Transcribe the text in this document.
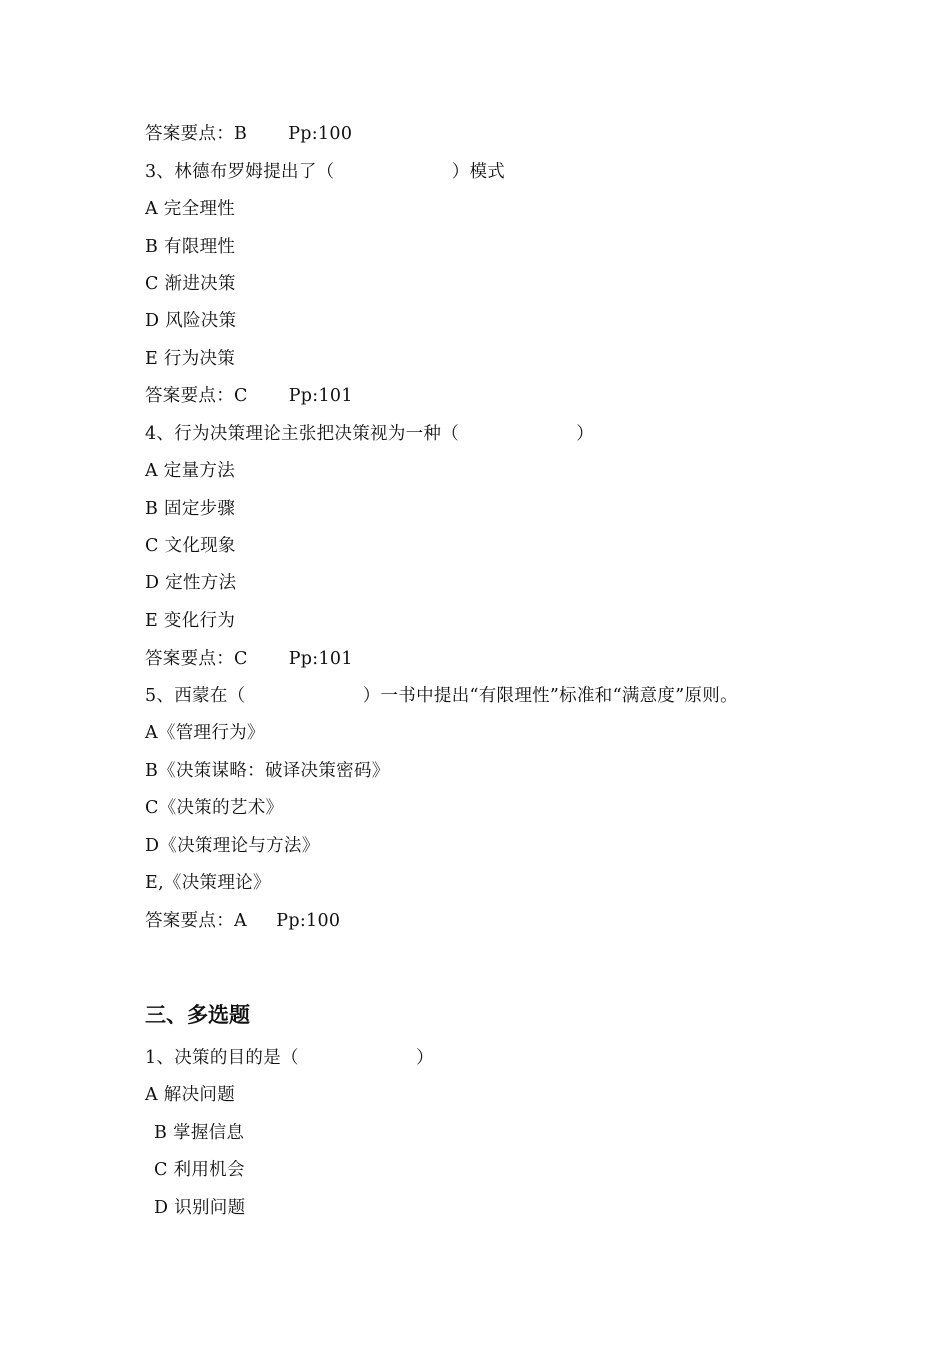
答案要点：B       Pp:100
3、林德布罗姆提出了（                    ）模式
A 完全理性
B 有限理性
C 渐进决策
D 风险决策
E 行为决策
答案要点：C       Pp:101
4、行为决策理论主张把决策视为一种（                    ）
A 定量方法
B 固定步骤
C 文化现象
D 定性方法
E 变化行为
答案要点：C       Pp:101
5、西蒙在（                    ）一书中提出“有限理性”标准和“满意度”原则。
A《管理行为》
B《决策谋略：破译决策密码》
C《决策的艺术》
D《决策理论与方法》
E,《决策理论》
答案要点：A     Pp:100
三、多选题
1、决策的目的是（                    ）
A 解决问题
B 掌握信息
C 利用机会
D 识别问题
